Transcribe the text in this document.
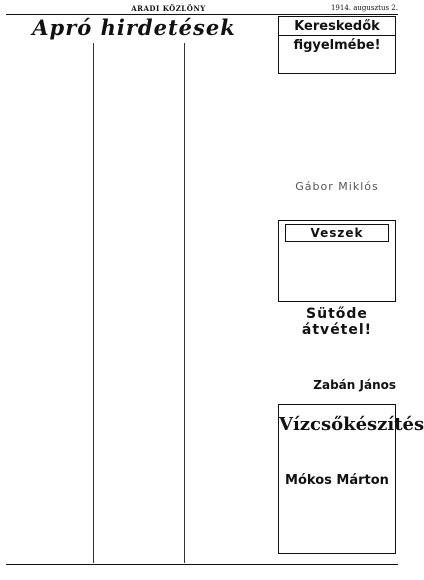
ARADI KÖZLÖNY	1914. augusztus 2.
Apró hirdetések	Kereskedők
figyelmébe!
Gábor Miklós
Veszek
Sütőde átvétel!
Zabán János
Vízcsőkészítés
Mókos Márton
